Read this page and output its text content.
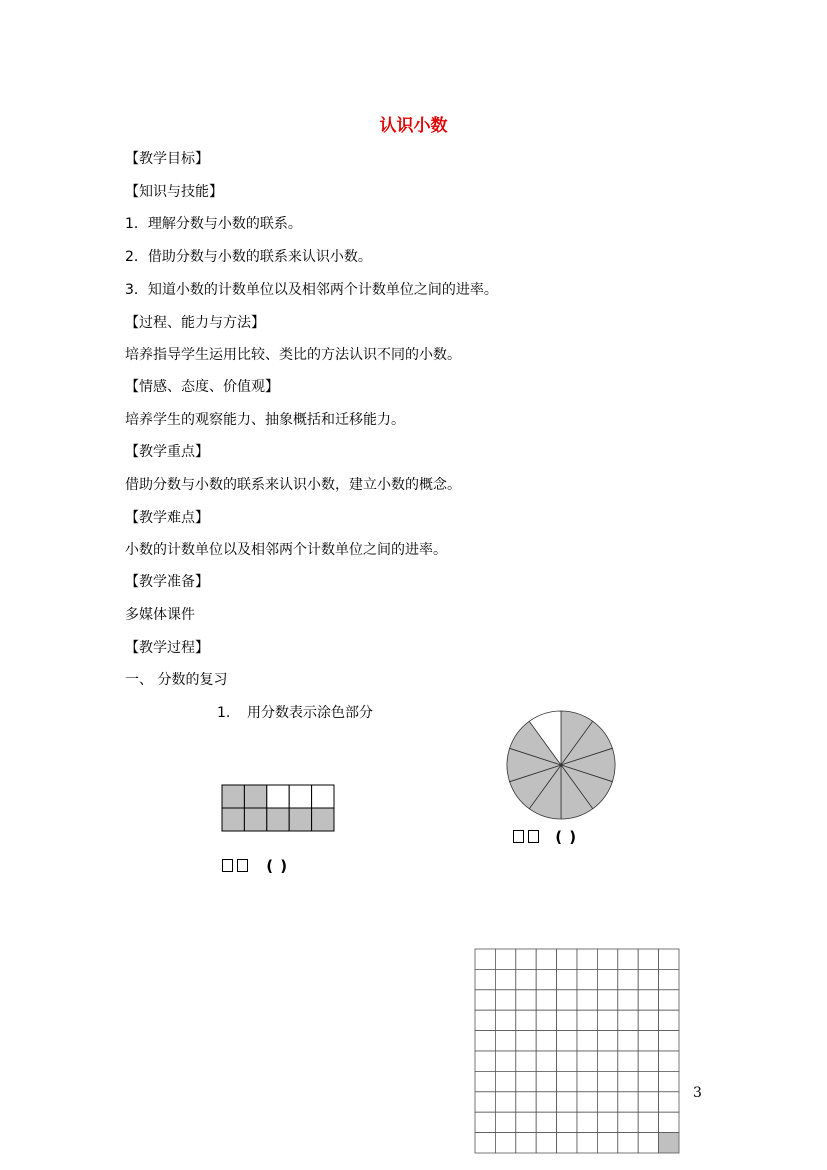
认识小数
【教学目标】
【知识与技能】
1．理解分数与小数的联系。
2．借助分数与小数的联系来认识小数。
3．知道小数的计数单位以及相邻两个计数单位之间的进率。
【过程、能力与方法】
培养指导学生运用比较、类比的方法认识不同的小数。
【情感、态度、价值观】
培养学生的观察能力、抽象概括和迁移能力。
【教学重点】
借助分数与小数的联系来认识小数，建立小数的概念。
【教学难点】
小数的计数单位以及相邻两个计数单位之间的进率。
【教学准备】
多媒体课件
【教学过程】
一、 分数的复习
1. 用分数表示涂色部分
( )
( )
3
